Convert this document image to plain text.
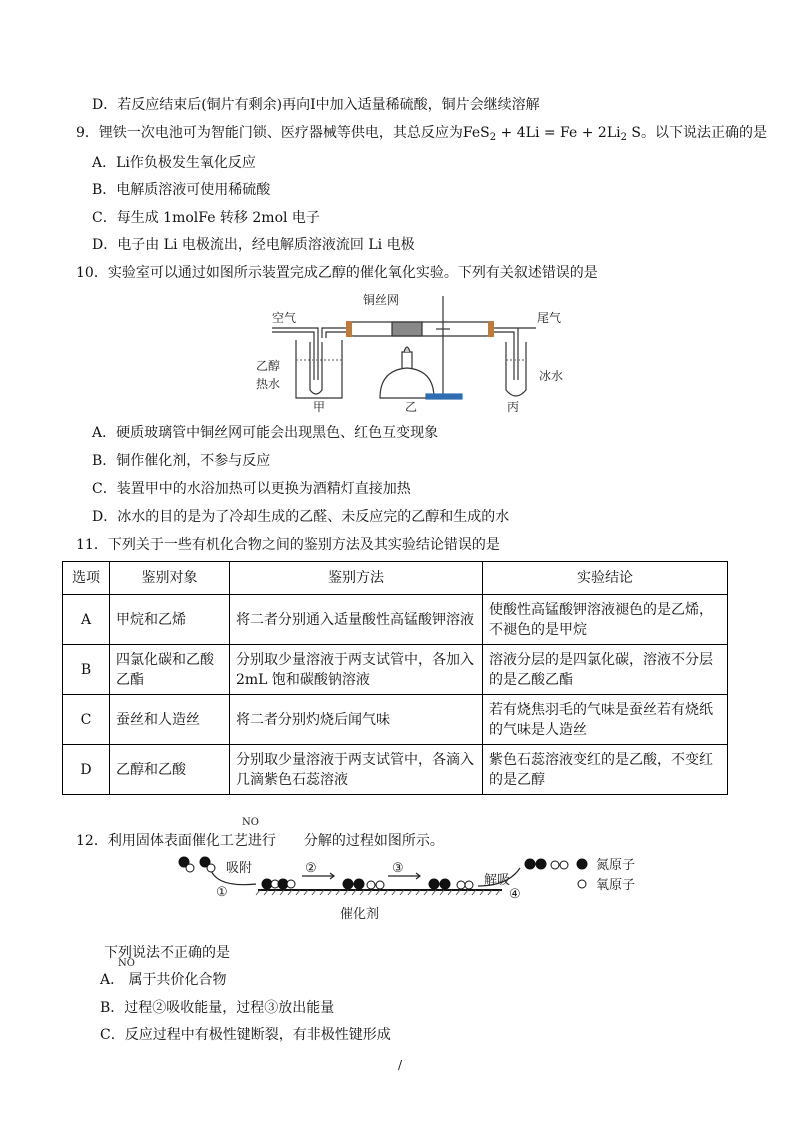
D．若反应结束后(铜片有剩余)再向Ⅰ中加入适量稀硫酸，铜片会继续溶解
9．锂铁一次电池可为智能门锁、医疗器械等供电，其总反应为$FeS_2 + 4Li = Fe + 2Li_2$ S。以下说法正确的是
A．Li作负极发生氧化反应
B．电解质溶液可使用稀硫酸
C．每生成 1molFe 转移 2mol 电子
D．电子由 Li 电极流出，经电解质溶液流回 Li 电极
10．实验室可以通过如图所示装置完成乙醇的催化氧化实验。下列有关叙述错误的是
空气
铜丝网
尾气
乙醇
热水
冰水
甲	乙	丙
A．硬质玻璃管中铜丝网可能会出现黑色、红色互变现象
B．铜作催化剂，不参与反应
C．装置甲中的水浴加热可以更换为酒精灯直接加热
D．冰水的目的是为了冷却生成的乙醛、未反应完的乙醇和生成的水
11．下列关于一些有机化合物之间的鉴别方法及其实验结论错误的是
选项	鉴别对象	鉴别方法	实验结论
A	甲烷和乙烯	将二者分别通入适量酸性高锰酸钾溶液	使酸性高锰酸钾溶液褪色的是乙烯，不褪色的是甲烷
B	四氯化碳和乙酸乙酯	分别取少量溶液于两支试管中，各加入2mL 饱和碳酸钠溶液	溶液分层的是四氯化碳，溶液不分层的是乙酸乙酯
C	蚕丝和人造丝	将二者分别灼烧后闻气味	若有烧焦羽毛的气味是蚕丝若有烧纸的气味是人造丝
D	乙醇和乙酸	分别取少量溶液于两支试管中，各滴入几滴紫色石蕊溶液	紫色石蕊溶液变红的是乙酸，不变红的是乙醇
NO
12．利用固体表面催化工艺进行 分解的过程如图所示。
吸附
①
②	③
解吸
④
催化剂
氮原子
氧原子
下列说法不正确的是
NO
A． 属于共价化合物
B．过程②吸收能量，过程③放出能量
C．反应过程中有极性键断裂，有非极性键形成
/
